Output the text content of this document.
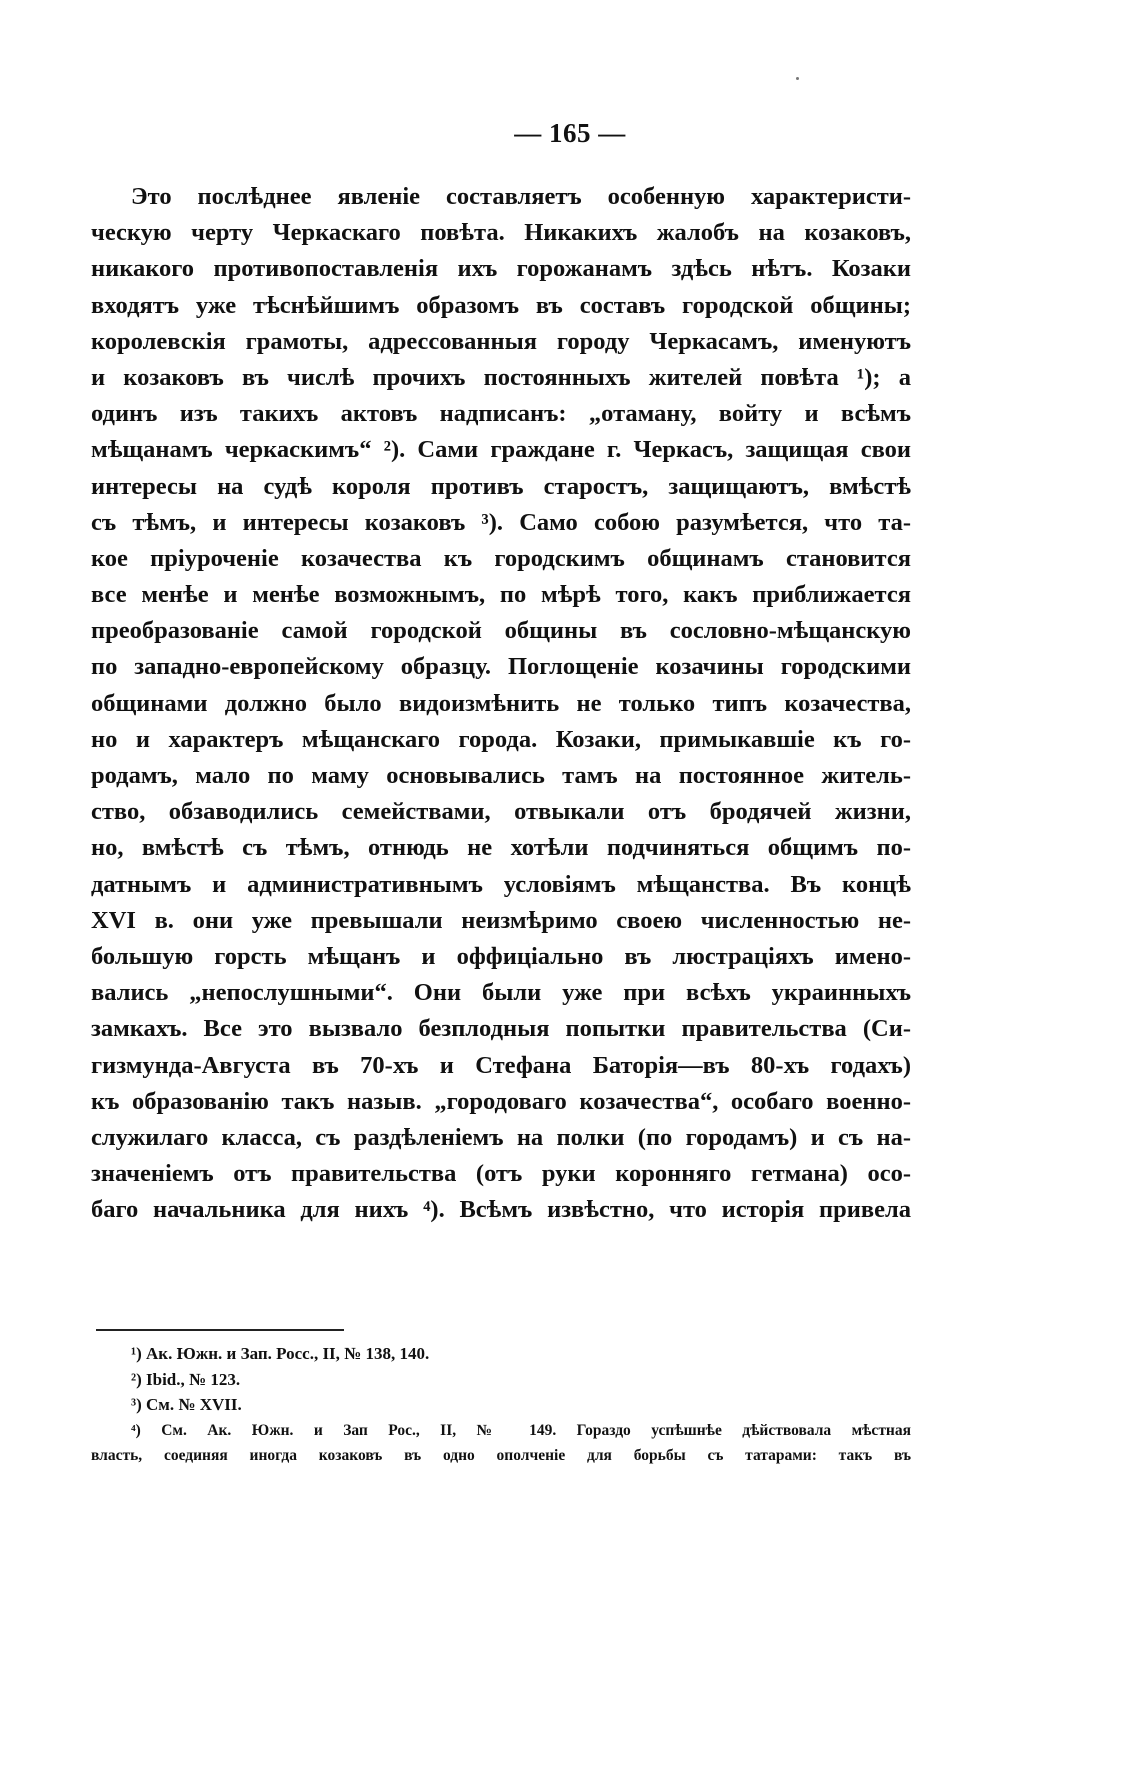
— 165 —
Это послѣднее явленіе составляетъ особенную характеристи-
ческую черту Черкаскаго повѣта. Никакихъ жалобъ на козаковъ,
никакого противопоставленія ихъ горожанамъ здѣсь нѣтъ. Козаки
входятъ уже тѣснѣйшимъ образомъ въ составъ городской общины;
королевскія грамоты, адрессованныя городу Черкасамъ, именуютъ
и козаковъ въ числѣ прочихъ постоянныхъ жителей повѣта ¹); а
одинъ изъ такихъ актовъ надписанъ: „отаману, войту и всѣмъ
мѣщанамъ черкаскимъ“ ²). Сами граждане г. Черкасъ, защищая свои
интересы на судѣ короля противъ старостъ, защищаютъ, вмѣстѣ
съ тѣмъ, и интересы козаковъ ³). Само собою разумѣется, что та-
кое пріуроченіе козачества къ городскимъ общинамъ становится
все менѣе и менѣе возможнымъ, по мѣрѣ того, какъ приближается
преобразованіе самой городской общины въ сословно-мѣщанскую
по западно-европейскому образцу. Поглощеніе козачины городскими
общинами должно было видоизмѣнить не только типъ козачества,
но и характеръ мѣщанскаго города. Козаки, примыкавшіе къ го-
родамъ, мало по маму основывались тамъ на постоянное житель-
ство, обзаводились семействами, отвыкали отъ бродячей жизни,
но, вмѣстѣ съ тѣмъ, отнюдь не хотѣли подчиняться общимъ по-
датнымъ и административнымъ условіямъ мѣщанства. Въ концѣ
XVI в. они уже превышали неизмѣримо своею численностью не-
большую горсть мѣщанъ и оффиціально въ люстраціяхъ имено-
вались „непослушными“. Они были уже при всѣхъ украинныхъ
замкахъ. Все это вызвало безплодныя попытки правительства (Си-
гизмунда-Августа въ 70-хъ и Стефана Баторія—въ 80-хъ годахъ)
къ образованію такъ назыв. „городоваго козачества“, особаго военно-
служилаго класса, съ раздѣленіемъ на полки (по городамъ) и съ на-
значеніемъ отъ правительства (отъ руки коронняго гетмана) осо-
баго начальника для нихъ ⁴). Всѣмъ извѣстно, что исторія привела
¹) Ак. Южн. и Зап. Росс., II, № 138, 140.
²) Ibid., № 123.
³) См. № XVII.
⁴) См. Ак. Южн. и Зап Рос., II, № 149. Гораздо успѣшнѣе дѣйствовала мѣстная
власть, соединяя иногда козаковъ въ одно ополченіе для борьбы съ татарами: такъ въ
